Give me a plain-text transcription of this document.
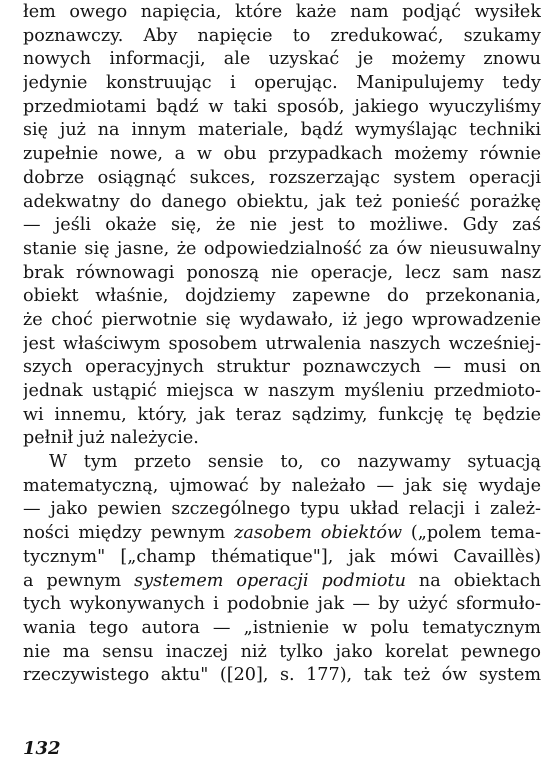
łem owego napięcia, które każe nam podjąć wysiłek
poznawczy. Aby napięcie to zredukować, szukamy
nowych informacji, ale uzyskać je możemy znowu
jedynie konstruując i operując. Manipulujemy tedy
przedmiotami bądź w taki sposób, jakiego wyuczyliśmy
się już na innym materiale, bądź wymyślając techniki
zupełnie nowe, a w obu przypadkach możemy równie
dobrze osiągnąć sukces, rozszerzając system operacji
adekwatny do danego obiektu, jak też ponieść porażkę
— jeśli okaże się, że nie jest to możliwe. Gdy zaś
stanie się jasne, że odpowiedzialność za ów nieusuwalny
brak równowagi ponoszą nie operacje, lecz sam nasz
obiekt właśnie, dojdziemy zapewne do przekonania,
że choć pierwotnie się wydawało, iż jego wprowadzenie
jest właściwym sposobem utrwalenia naszych wcześniej-
szych operacyjnych struktur poznawczych — musi on
jednak ustąpić miejsca w naszym myśleniu przedmioto-
wi innemu, który, jak teraz sądzimy, funkcję tę będzie
pełnił już należycie.
W tym przeto sensie to, co nazywamy sytuacją
matematyczną, ujmować by należało — jak się wydaje
— jako pewien szczególnego typu układ relacji i zależ-
ności między pewnym zasobem obiektów („polem tema-
tycznym" [„champ thématique"], jak mówi Cavaillès)
a pewnym systemem operacji podmiotu na obiektach
tych wykonywanych i podobnie jak — by użyć sformuło-
wania tego autora — „istnienie w polu tematycznym
nie ma sensu inaczej niż tylko jako korelat pewnego
rzeczywistego aktu" ([20], s. 177), tak też ów system
132
